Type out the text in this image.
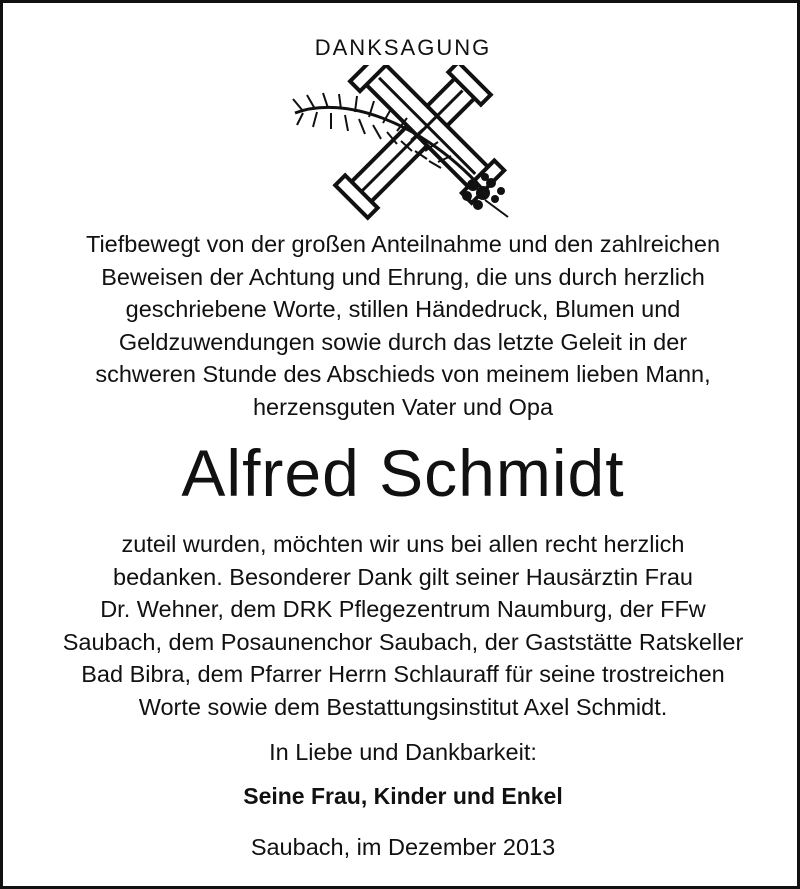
DANKSAGUNG
Tiefbewegt von der großen Anteilnahme und den zahlreichen
Beweisen der Achtung und Ehrung, die uns durch herzlich
geschriebene Worte, stillen Händedruck, Blumen und
Geldzuwendungen sowie durch das letzte Geleit in der
schweren Stunde des Abschieds von meinem lieben Mann,
herzensguten Vater und Opa
Alfred Schmidt
zuteil wurden, möchten wir uns bei allen recht herzlich
bedanken. Besonderer Dank gilt seiner Hausärztin Frau
Dr. Wehner, dem DRK Pflegezentrum Naumburg, der FFw
Saubach, dem Posaunenchor Saubach, der Gaststätte Ratskeller
Bad Bibra, dem Pfarrer Herrn Schlauraff für seine trostreichen
Worte sowie dem Bestattungsinstitut Axel Schmidt.
In Liebe und Dankbarkeit:
Seine Frau, Kinder und Enkel
Saubach, im Dezember 2013
